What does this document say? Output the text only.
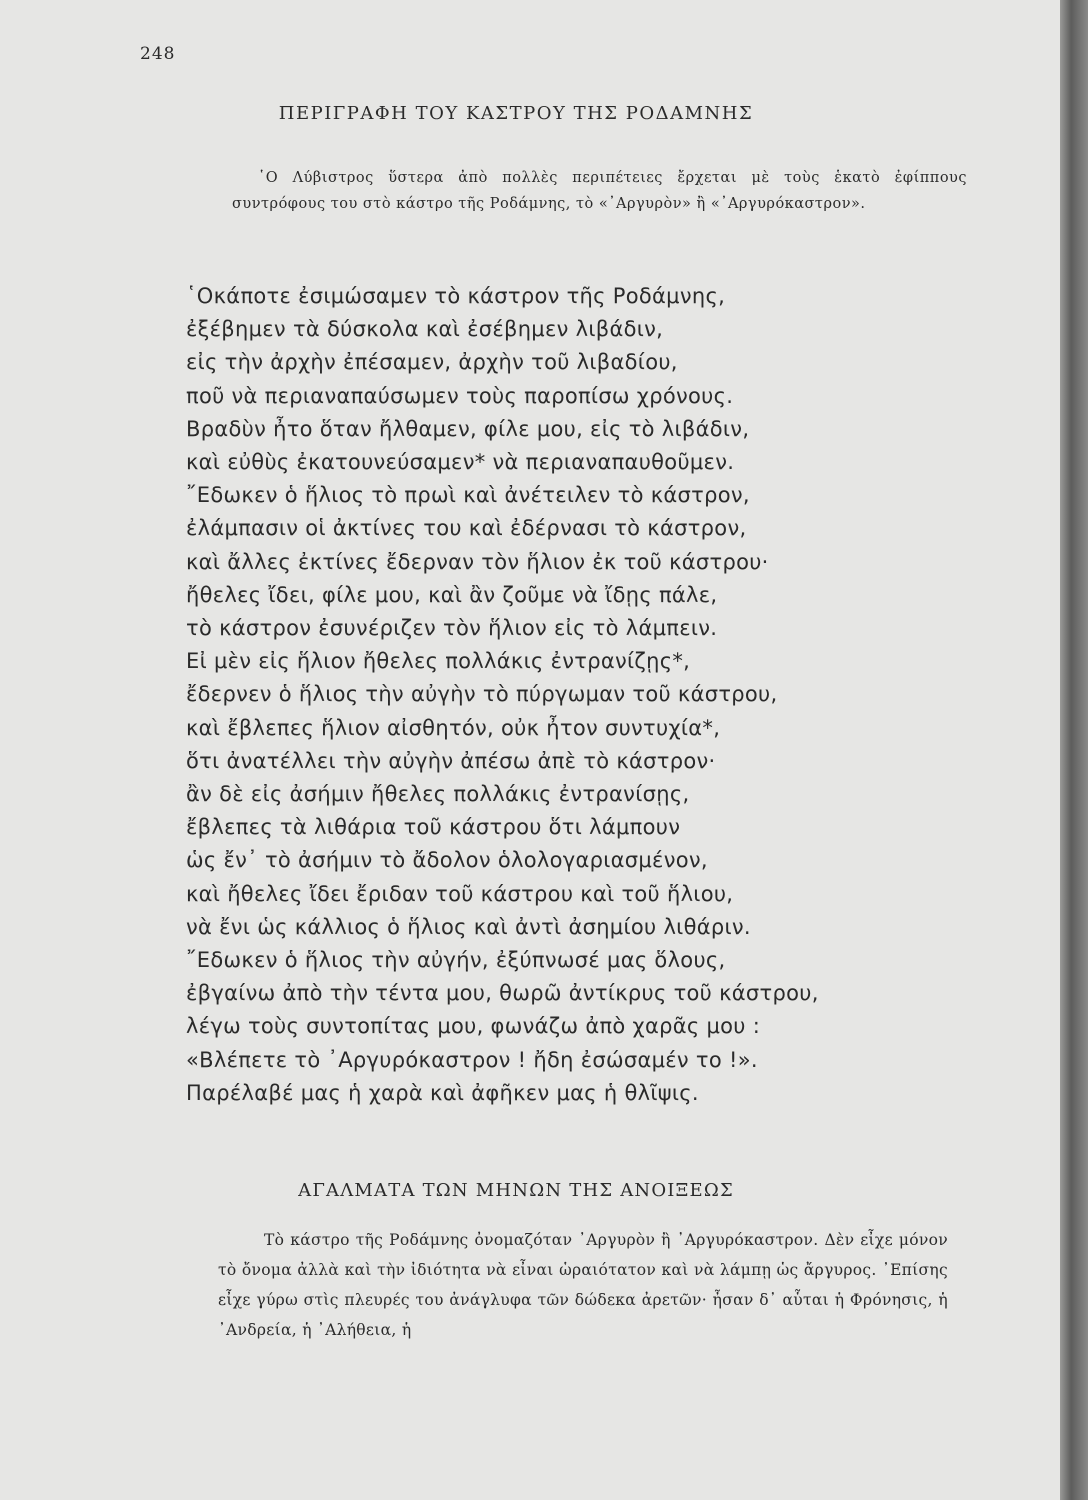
248
ΠΕΡΙΓΡΑΦΗ ΤΟΥ ΚΑΣΤΡΟΥ ΤΗΣ ΡΟΔΑΜΝΗΣ
῾Ο Λύβιστρος ὕστερα ἀπὸ πολλὲς περιπέτειες ἔρχεται μὲ τοὺς ἑκατὸ ἐφίππους συντρόφους του στὸ κάστρο τῆς Ροδάμνης, τὸ «᾿Αργυρὸν» ἢ «᾿Αργυρόκαστρον».
῾Οκάποτε ἐσιμώσαμεν τὸ κάστρον τῆς Ροδάμνης,
ἐξέβημεν τὰ δύσκολα καὶ ἐσέβημεν λιβάδιν,
εἰς τὴν ἀρχὴν ἐπέσαμεν, ἀρχὴν τοῦ λιβαδίου,
ποῦ νὰ περιαναπαύσωμεν τοὺς παροπίσω χρόνους.
Βραδὺν ἦτο ὅταν ἤλθαμεν, φίλε μου, εἰς τὸ λιβάδιν,
καὶ εὐθὺς ἐκατουνεύσαμεν* νὰ περιαναπαυθοῦμεν.
῎Εδωκεν ὁ ἥλιος τὸ πρωὶ καὶ ἀνέτειλεν τὸ κάστρον,
ἐλάμπασιν οἱ ἀκτίνες του καὶ ἐδέρνασι τὸ κάστρον,
καὶ ἄλλες ἐκτίνες ἔδερναν τὸν ἥλιον ἐκ τοῦ κάστρου·
ἤθελες ἴδει, φίλε μου, καὶ ἂν ζοῦμε νὰ ἴδῃς πάλε,
τὸ κάστρον ἐσυνέριζεν τὸν ἥλιον εἰς τὸ λάμπειν.
Εἰ μὲν εἰς ἥλιον ἤθελες πολλάκις ἐντρανίζῃς*,
ἔδερνεν ὁ ἥλιος τὴν αὐγὴν τὸ πύργωμαν τοῦ κάστρου,
καὶ ἔβλεπες ἥλιον αἰσθητόν, οὐκ ἦτον συντυχία*,
ὅτι ἀνατέλλει τὴν αὐγὴν ἀπέσω ἀπὲ τὸ κάστρον·
ἂν δὲ εἰς ἀσήμιν ἤθελες πολλάκις ἐντρανίσῃς,
ἔβλεπες τὰ λιθάρια τοῦ κάστρου ὅτι λάμπουν
ὡς ἔν᾿ τὸ ἀσήμιν τὸ ἄδολον ὁλολογαριασμένον,
καὶ ἤθελες ἴδει ἔριδαν τοῦ κάστρου καὶ τοῦ ἥλιου,
νὰ ἔνι ὡς κάλλιος ὁ ἥλιος καὶ ἀντὶ ἀσημίου λιθάριν.
῎Εδωκεν ὁ ἥλιος τὴν αὐγήν, ἐξύπνωσέ μας ὅλους,
ἐβγαίνω ἀπὸ τὴν τέντα μου, θωρῶ ἀντίκρυς τοῦ κάστρου,
λέγω τοὺς συντοπίτας μου, φωνάζω ἀπὸ χαρᾶς μου :
«Βλέπετε τὸ ᾿Αργυρόκαστρον ! ἤδη ἐσώσαμέν το !».
Παρέλαβέ μας ἡ χαρὰ καὶ ἀφῆκεν μας ἡ θλῖψις.
ΑΓΑΛΜΑΤΑ ΤΩΝ ΜΗΝΩΝ ΤΗΣ ΑΝΟΙΞΕΩΣ
Τὸ κάστρο τῆς Ροδάμνης ὀνομαζόταν ᾿Αργυρὸν ἢ ᾿Αργυρόκαστρον. Δὲν εἶχε μόνον τὸ ὄνομα ἀλλὰ καὶ τὴν ἰδιότητα νὰ εἶναι ὡραιότατον καὶ νὰ λάμπῃ ὡς ἄργυρος. ᾿Επίσης εἶχε γύρω στὶς πλευρές του ἀνάγλυφα τῶν δώδεκα ἀρετῶν· ἦσαν δ᾿ αὗται ἡ Φρόνησις, ἡ ᾿Ανδρεία, ἡ ᾿Αλήθεια, ἡ
